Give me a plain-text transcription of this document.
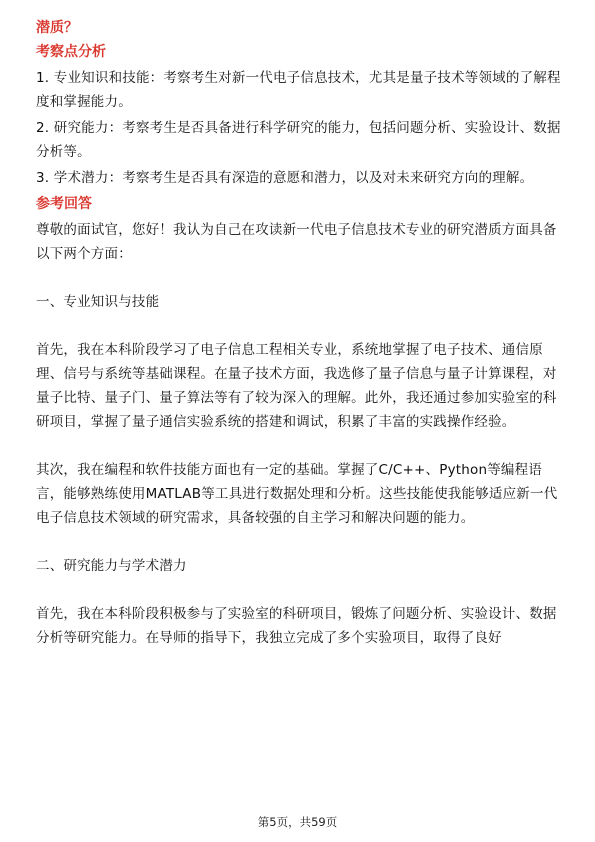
潜质？

考察点分析

1. 专业知识和技能：考察考生对新一代电子信息技术，尤其是量子技术等领域的了解程度和掌握能力。

2. 研究能力：考察考生是否具备进行科学研究的能力，包括问题分析、实验设计、数据分析等。

3. 学术潜力：考察考生是否具有深造的意愿和潜力，以及对未来研究方向的理解。

参考回答

尊敬的面试官，您好！我认为自己在攻读新一代电子信息技术专业的研究潜质方面具备以下两个方面：

一、专业知识与技能

首先，我在本科阶段学习了电子信息工程相关专业，系统地掌握了电子技术、通信原理、信号与系统等基础课程。在量子技术方面，我选修了量子信息与量子计算课程，对量子比特、量子门、量子算法等有了较为深入的理解。此外，我还通过参加实验室的科研项目，掌握了量子通信实验系统的搭建和调试，积累了丰富的实践操作经验。

其次，我在编程和软件技能方面也有一定的基础。掌握了C/C++、Python等编程语言，能够熟练使用MATLAB等工具进行数据处理和分析。这些技能使我能够适应新一代电子信息技术领域的研究需求，具备较强的自主学习和解决问题的能力。

二、研究能力与学术潜力

首先，我在本科阶段积极参与了实验室的科研项目，锻炼了问题分析、实验设计、数据分析等研究能力。在导师的指导下，我独立完成了多个实验项目，取得了良好

第5页，共59页
